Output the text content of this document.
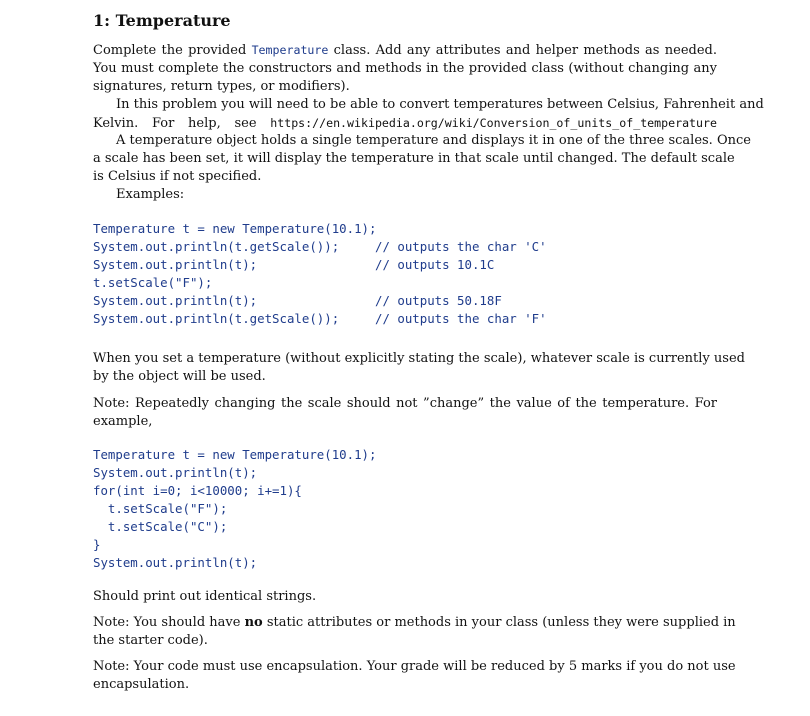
1: Temperature
Complete the provided Temperature class. Add any attributes and helper methods as needed.
You must complete the constructors and methods in the provided class (without changing any
signatures, return types, or modifiers).
In this problem you will need to be able to convert temperatures between Celsius, Fahrenheit and
Kelvin. For help, see https://en.wikipedia.org/wiki/Conversion_of_units_of_temperature
A temperature object holds a single temperature and displays it in one of the three scales. Once
a scale has been set, it will display the temperature in that scale until changed. The default scale
is Celsius if not specified.
Examples:
Temperature t = new Temperature(10.1);
System.out.println(t.getScale());
System.out.println(t);
t.setScale("F");
System.out.println(t);
System.out.println(t.getScale());
// outputs the char 'C'
// outputs 10.1C
// outputs 50.18F
// outputs the char 'F'
When you set a temperature (without explicitly stating the scale), whatever scale is currently used
by the object will be used.
Note: Repeatedly changing the scale should not ”change” the value of the temperature. For
example,
Temperature t = new Temperature(10.1);
System.out.println(t);
for(int i=0; i<10000; i+=1){
t.setScale("F");
t.setScale("C");
}
System.out.println(t);
Should print out identical strings.
Note: You should have no static attributes or methods in your class (unless they were supplied in
the starter code).
Note: Your code must use encapsulation. Your grade will be reduced by 5 marks if you do not use
encapsulation.
